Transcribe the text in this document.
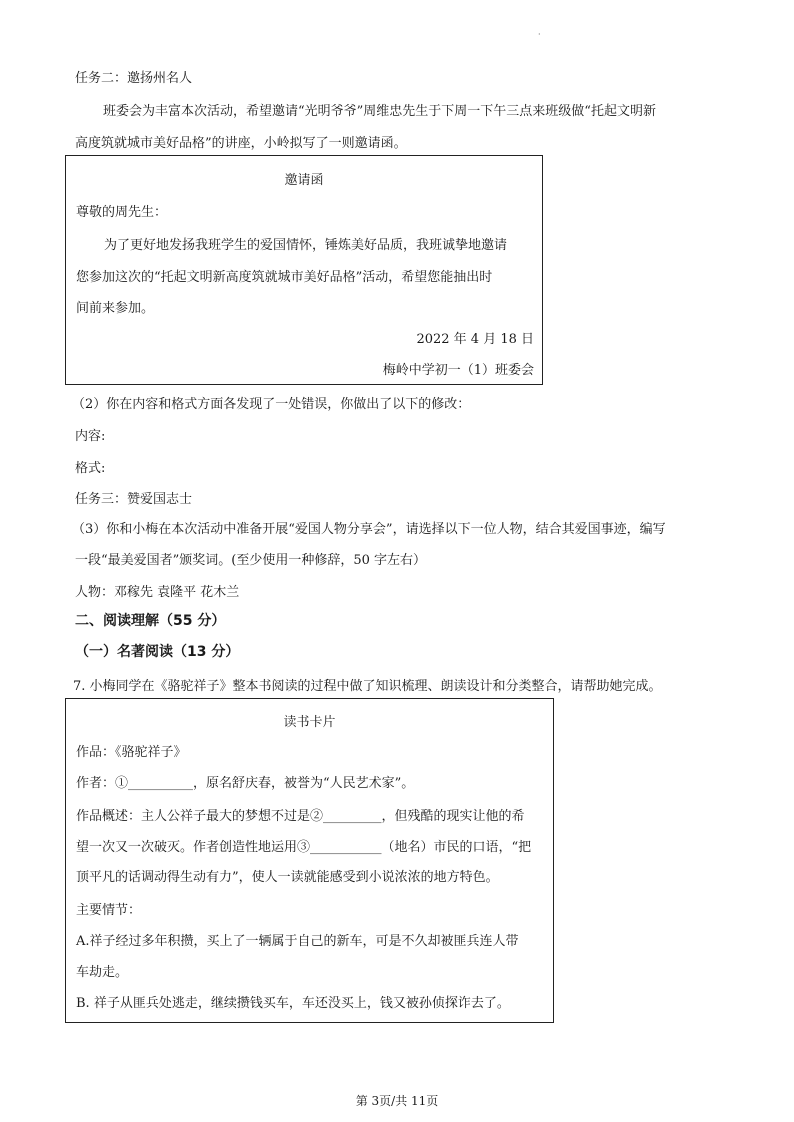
·
任务二：邀扬州名人
班委会为丰富本次活动，希望邀请“光明爷爷”周维忠先生于下周一下午三点来班级做“托起文明新
高度筑就城市美好品格”的讲座，小岭拟写了一则邀请函。
邀请函
尊敬的周先生：
为了更好地发扬我班学生的爱国情怀，锤炼美好品质，我班诚挚地邀请
您参加这次的“托起文明新高度筑就城市美好品格”活动，希望您能抽出时
间前来参加。
2022 年 4 月 18 日
梅岭中学初一（1）班委会
（2）你在内容和格式方面各发现了一处错误，你做出了以下的修改：
内容:
格式:
任务三：赞爱国志士
（3）你和小梅在本次活动中准备开展“爱国人物分享会”，请选择以下一位人物，结合其爱国事迹，编写
一段“最美爱国者”颁奖词。(至少使用一种修辞，50 字左右）
人物：邓稼先 袁隆平 花木兰
二、阅读理解（55 分）
（一）名著阅读（13 分）
7. 小梅同学在《骆驼祥子》整本书阅读的过程中做了知识梳理、朗读设计和分类整合，请帮助她完成。
读书卡片
作品：《骆驼祥子》
作者：①__________，原名舒庆春，被誉为“人民艺术家”。
作品概述：主人公祥子最大的梦想不过是②_________，但残酷的现实让他的希
望一次又一次破灭。作者创造性地运用③___________（地名）市民的口语，“把
顶平凡的话调动得生动有力”，使人一读就能感受到小说浓浓的地方特色。
主要情节：
A.祥子经过多年积攒，买上了一辆属于自己的新车，可是不久却被匪兵连人带
车劫走。
B. 祥子从匪兵处逃走，继续攒钱买车，车还没买上，钱又被孙侦探诈去了。
第 3页/共 11页
